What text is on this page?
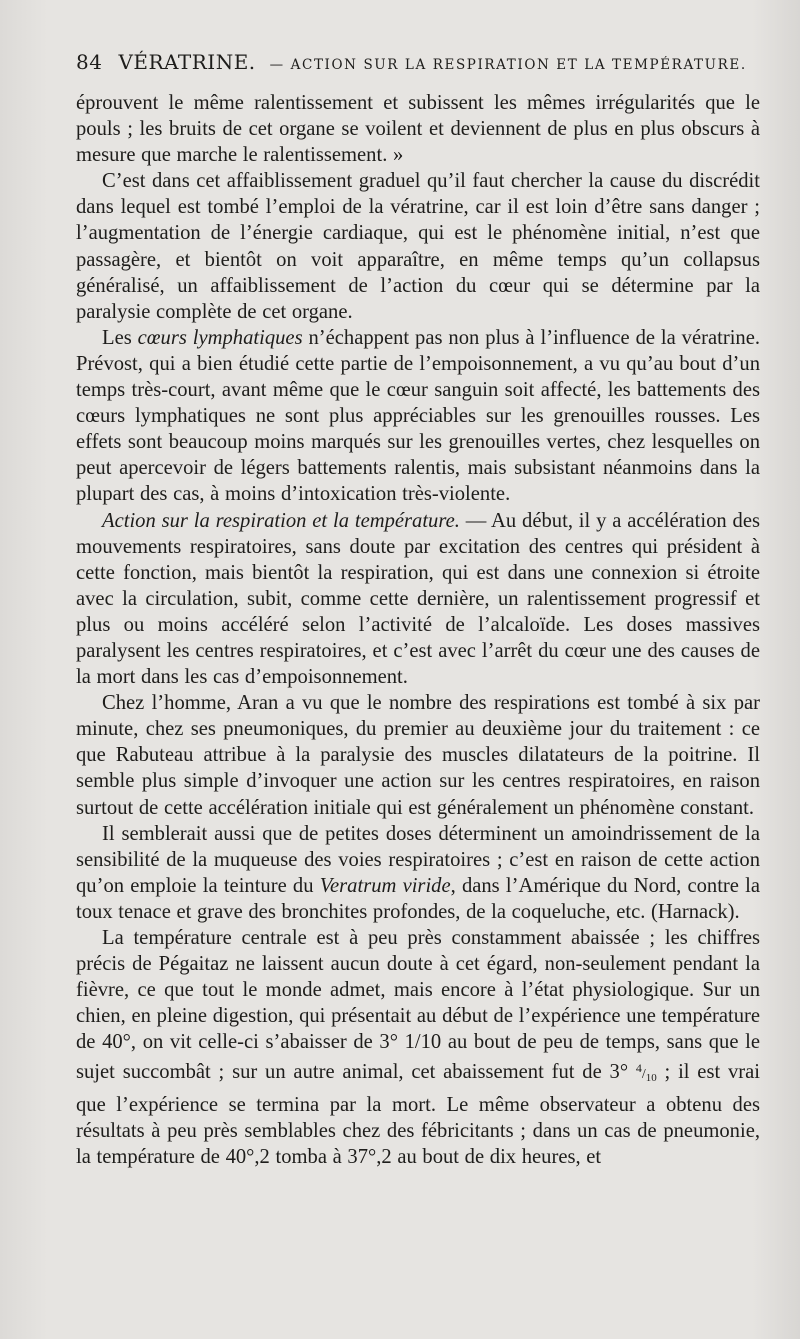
84 VÉRATRINE. — ACTION SUR LA RESPIRATION ET LA TEMPÉRATURE.

éprouvent le même ralentissement et subissent les mêmes irrégularités que le pouls ; les bruits de cet organe se voilent et deviennent de plus en plus obscurs à mesure que marche le ralentissement. »

C’est dans cet affaiblissement graduel qu’il faut chercher la cause du discrédit dans lequel est tombé l’emploi de la vératrine, car il est loin d’être sans danger ; l’augmentation de l’énergie cardiaque, qui est le phénomène initial, n’est que passagère, et bientôt on voit apparaître, en même temps qu’un collapsus généralisé, un affaiblissement de l’action du cœur qui se détermine par la paralysie complète de cet organe.

Les cœurs lymphatiques n’échappent pas non plus à l’influence de la vératrine. Prévost, qui a bien étudié cette partie de l’empoisonnement, a vu qu’au bout d’un temps très-court, avant même que le cœur sanguin soit affecté, les battements des cœurs lymphatiques ne sont plus appréciables sur les grenouilles rousses. Les effets sont beaucoup moins marqués sur les grenouilles vertes, chez lesquelles on peut apercevoir de légers battements ralentis, mais subsistant néanmoins dans la plupart des cas, à moins d’intoxication très-violente.

Action sur la respiration et la température. — Au début, il y a accélération des mouvements respiratoires, sans doute par excitation des centres qui président à cette fonction, mais bientôt la respiration, qui est dans une connexion si étroite avec la circulation, subit, comme cette dernière, un ralentissement progressif et plus ou moins accéléré selon l’activité de l’alcaloïde. Les doses massives paralysent les centres respiratoires, et c’est avec l’arrêt du cœur une des causes de la mort dans les cas d’empoisonnement.

Chez l’homme, Aran a vu que le nombre des respirations est tombé à six par minute, chez ses pneumoniques, du premier au deuxième jour du traitement : ce que Rabuteau attribue à la paralysie des muscles dilatateurs de la poitrine. Il semble plus simple d’invoquer une action sur les centres respiratoires, en raison surtout de cette accélération initiale qui est généralement un phénomène constant.

Il semblerait aussi que de petites doses déterminent un amoindrissement de la sensibilité de la muqueuse des voies respiratoires ; c’est en raison de cette action qu’on emploie la teinture du Veratrum viride, dans l’Amérique du Nord, contre la toux tenace et grave des bronchites profondes, de la coqueluche, etc. (Harnack).

La température centrale est à peu près constamment abaissée ; les chiffres précis de Pégaitaz ne laissent aucun doute à cet égard, non-seulement pendant la fièvre, ce que tout le monde admet, mais encore à l’état physiologique. Sur un chien, en pleine digestion, qui présentait au début de l’expérience une température de 40°, on vit celle-ci s’abaisser de 3° 1/10 au bout de peu de temps, sans que le sujet succombât ; sur un autre animal, cet abaissement fut de 3° $^4/_{10}$ ; il est vrai que l’expérience se termina par la mort. Le même observateur a obtenu des résultats à peu près semblables chez des fébricitants ; dans un cas de pneumonie, la température de 40°,2 tomba à 37°,2 au bout de dix heures, et
